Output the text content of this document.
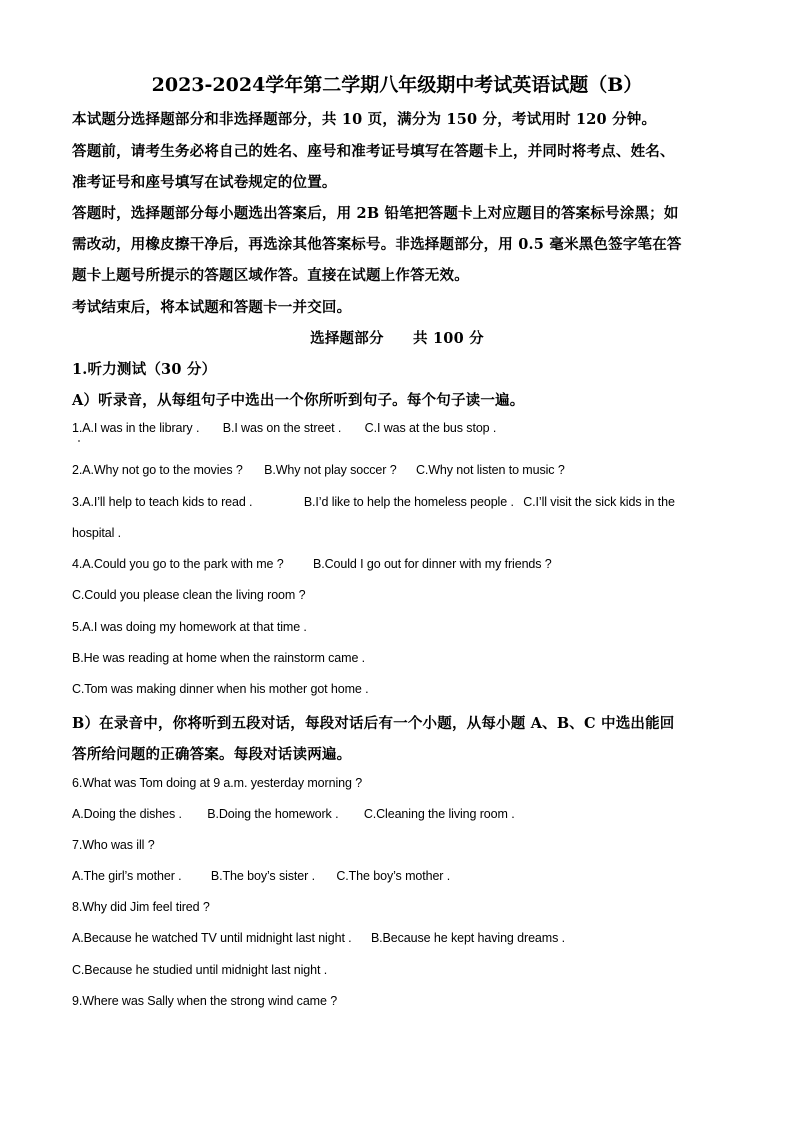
2023-2024学年第二学期八年级期中考试英语试题（B）
本试题分选择题部分和非选择题部分，共 10 页，满分为 150 分，考试用时 120 分钟。
答题前，请考生务必将自己的姓名、座号和准考证号填写在答题卡上，并同时将考点、姓名、
准考证号和座号填写在试卷规定的位置。
答题时，选择题部分每小题选出答案后，用 2B 铅笔把答题卡上对应题目的答案标号涂黑；如
需改动，用橡皮擦干净后，再选涂其他答案标号。非选择题部分，用 0.5 毫米黑色签字笔在答
题卡上题号所提示的答题区域作答。直接在试题上作答无效。
考试结束后，将本试题和答题卡一并交回。
选择题部分　　共 100 分
1.听力测试（30 分）
A）听录音，从每组句子中选出一个你所听到句子。每个句子读一遍。
1.A.I was in the library . B.I was on the street . C.I was at the bus stop .
2.A.Why not go to the movies ? B.Why not play soccer ? C.Why not listen to music ?
3.A.I’ll help to teach kids to read .	B.I’d like to help the homeless people . C.I’ll visit the sick kids in the
hospital .
4.A.Could you go to the park with me ? B.Could I go out for dinner with my friends ?
C.Could you please clean the living room ?
5.A.I was doing my homework at that time .
B.He was reading at home when the rainstorm came .
C.Tom was making dinner when his mother got home .
B）在录音中，你将听到五段对话，每段对话后有一个小题，从每小题 A、B、C 中选出能回
答所给问题的正确答案。每段对话读两遍。
6.What was Tom doing at 9 a.m. yesterday morning ?
A.Doing the dishes . B.Doing the homework . C.Cleaning the living room .
7.Who was ill ?
A.The girl’s mother . B.The boy’s sister . C.The boy’s mother .
8.Why did Jim feel tired ?
A.Because he watched TV until midnight last night . B.Because he kept having dreams .
C.Because he studied until midnight last night .
9.Where was Sally when the strong wind came ?
